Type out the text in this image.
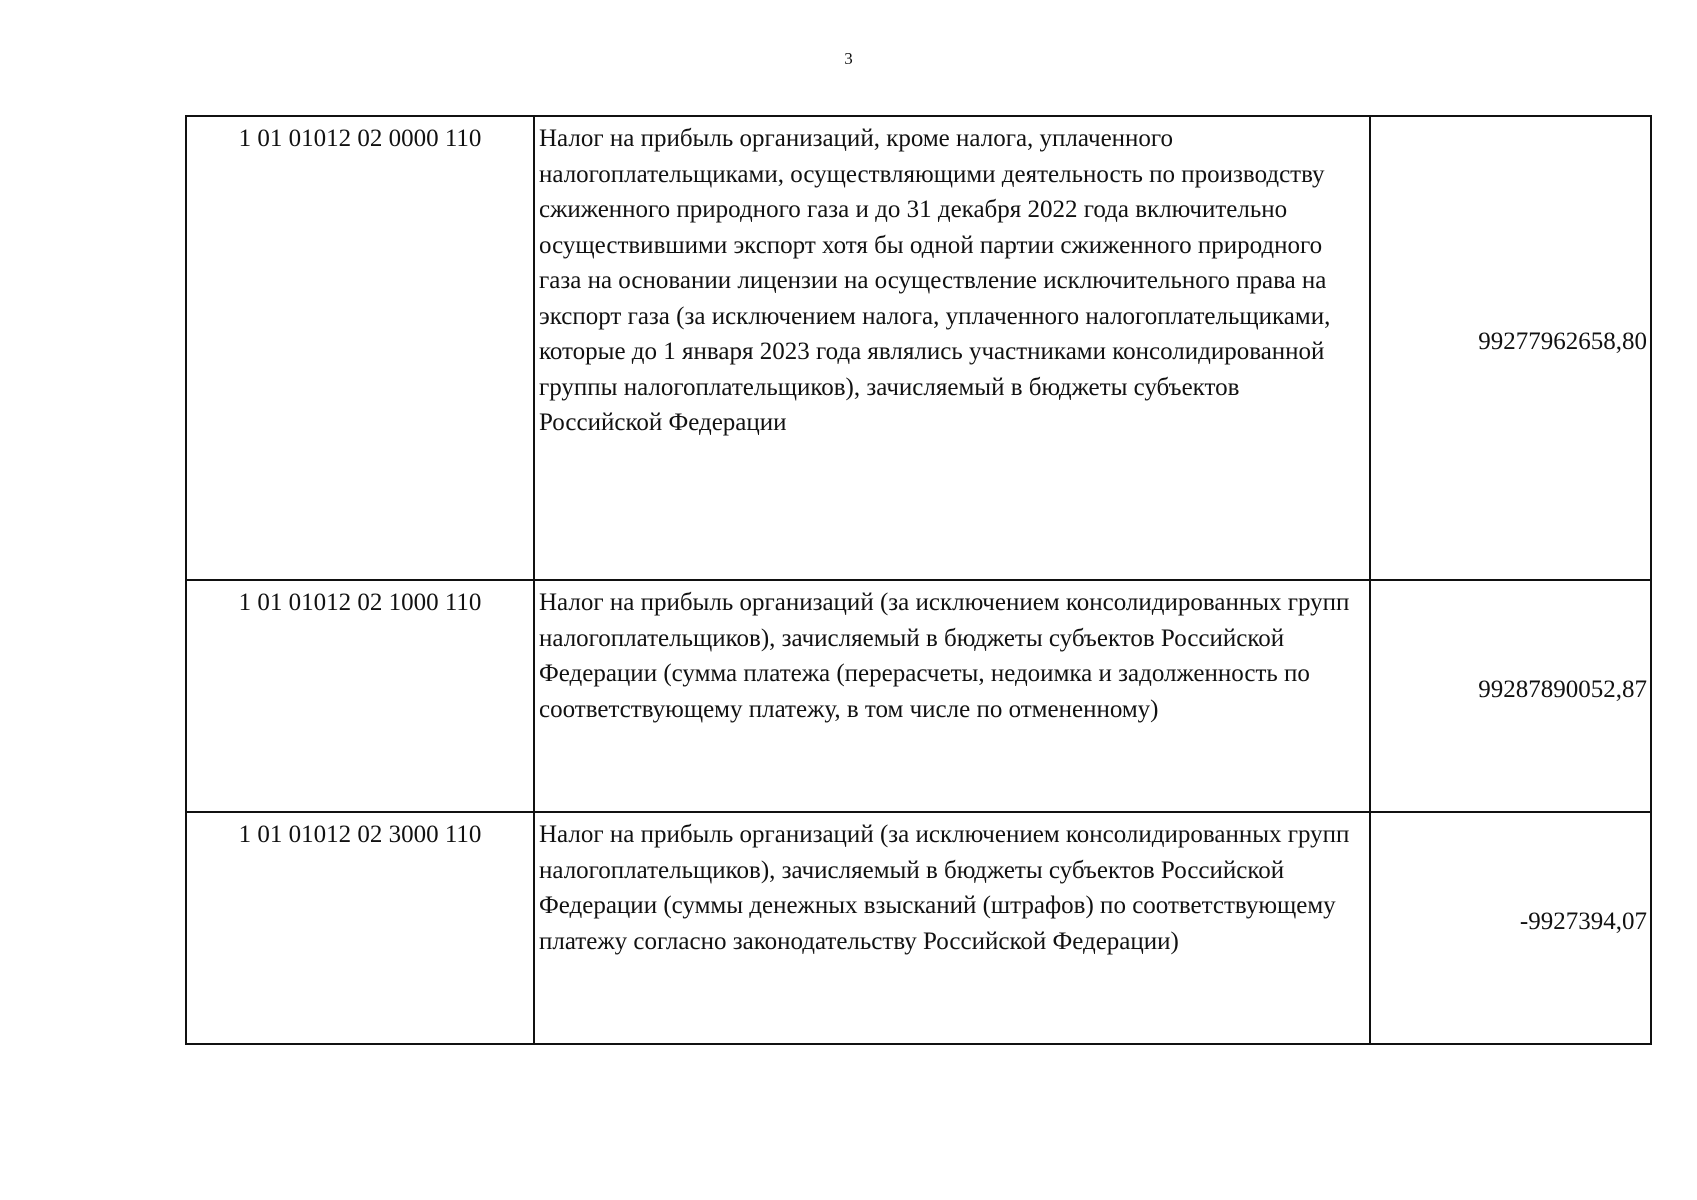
3
1 01 01012 02 0000 110	Налог на прибыль организаций, кроме налога, уплаченного налогоплательщиками, осуществляющими деятельность по производству сжиженного природного газа и до 31 декабря 2022 года включительно осуществившими экспорт хотя бы одной партии сжиженного природного газа на основании лицензии на осуществление исключительного права на экспорт газа (за исключением налога, уплаченного налогоплательщиками, которые до 1 января 2023 года являлись участниками консолидированной группы налогоплательщиков), зачисляемый в бюджеты субъектов Российской Федерации	99277962658,80
1 01 01012 02 1000 110	Налог на прибыль организаций (за исключением консолидированных групп налогоплательщиков), зачисляемый в бюджеты субъектов Российской Федерации (сумма платежа (перерасчеты, недоимка и задолженность по соответствующему платежу, в том числе по отмененному)	99287890052,87
1 01 01012 02 3000 110	Налог на прибыль организаций (за исключением консолидированных групп налогоплательщиков), зачисляемый в бюджеты субъектов Российской Федерации (суммы денежных взысканий (штрафов) по соответствующему платежу согласно законодательству Российской Федерации)	-9927394,07
